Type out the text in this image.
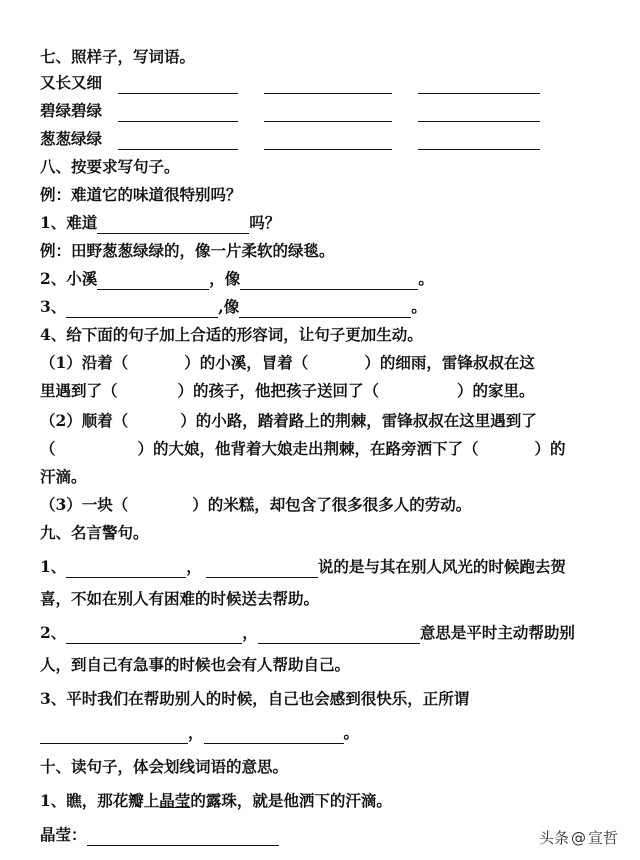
七、照样子，写词语。
又长又细
碧绿碧绿
葱葱绿绿
八、按要求写句子。
例：难道它的味道很特别吗？
1、难道	吗？
例：田野葱葱绿绿的，像一片柔软的绿毯。
2、小溪	，像	。
3、	,像	。
4、给下面的句子加上合适的形容词，让句子更加生动。
（1）沿着（	）的小溪，冒着（	）的细雨，雷锋叔叔在这
里遇到了（	）的孩子，他把孩子送回了（	）的家里。
（2）顺着（	）的小路，踏着路上的荆棘，雷锋叔叔在这里遇到了
（	）的大娘，他背着大娘走出荆棘，在路旁洒下了（	）的
汗滴。
（3）一块（	）的米糕，却包含了很多很多人的劳动。
九、名言警句。
1、	，	说的是与其在别人风光的时候跑去贺
喜，不如在别人有困难的时候送去帮助。
2、	，	意思是平时主动帮助别
人，到自己有急事的时候也会有人帮助自己。
3、平时我们在帮助别人的时候，自己也会感到很快乐，正所谓
，	。
十、读句子，体会划线词语的意思。
1、瞧，那花瓣上 晶莹 的露珠，就是他洒下的汗滴。
晶莹：	头条 @ 宣哲
